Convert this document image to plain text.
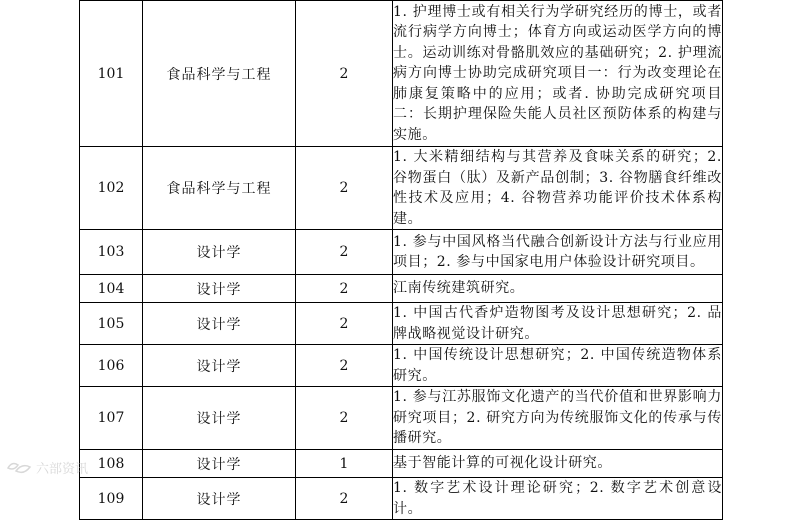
101	食品科学与工程	2	1. 护理博士或有相关行为学研究经历的博士，或者流行病学方向博士；体育方向或运动医学方向的博士。运动训练对骨骼肌效应的基础研究；2. 护理流病方向博士协助完成研究项目一：行为改变理论在肺康复策略中的应用；或者. 协助完成研究项目二：长期护理保险失能人员社区预防体系的构建与实施。
102	食品科学与工程	2	1. 大米精细结构与其营养及食味关系的研究；2. 谷物蛋白（肽）及新产品创制；3. 谷物膳食纤维改性技术及应用；4. 谷物营养功能评价技术体系构建。
103	设计学	2	1. 参与中国风格当代融合创新设计方法与行业应用项目；2. 参与中国家电用户体验设计研究项目。
104	设计学	2	江南传统建筑研究。
105	设计学	2	1. 中国古代香炉造物图考及设计思想研究；2. 品牌战略视觉设计研究。
106	设计学	2	1. 中国传统设计思想研究；2. 中国传统造物体系研究。
107	设计学	2	1. 参与江苏服饰文化遗产的当代价值和世界影响力研究项目；2. 研究方向为传统服饰文化的传承与传播研究。
108	设计学	1	基于智能计算的可视化设计研究。
109	设计学	2	1. 数字艺术设计理论研究；2. 数字艺术创意设计。
六部资讯
